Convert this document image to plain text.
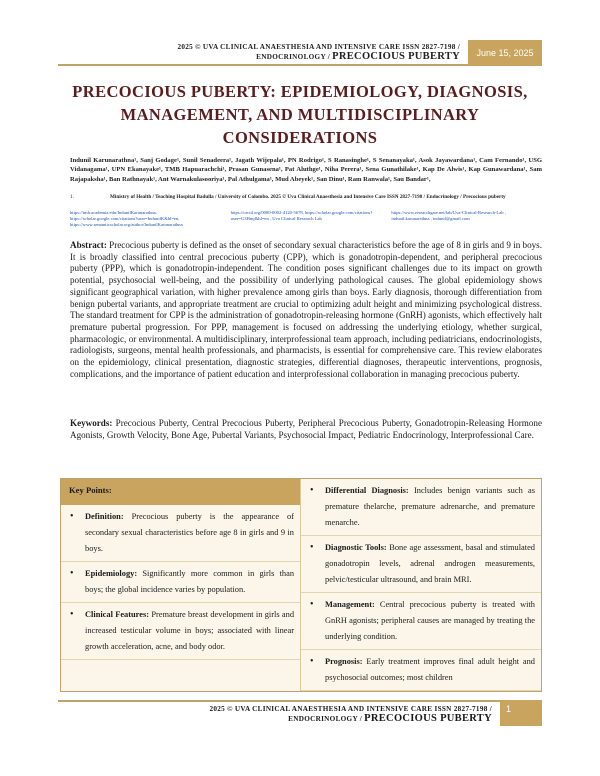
2025 © UVA CLINICAL ANAESTHESIA AND INTENSIVE CARE ISSN 2827-7198 /
ENDOCRINOLOGY / PRECOCIOUS PUBERTY	June 15, 2025
PRECOCIOUS PUBERTY: EPIDEMIOLOGY, DIAGNOSIS, MANAGEMENT, AND MULTIDISCIPLINARY CONSIDERATIONS
Indunil Karunarathna¹, Sanj Godage¹, Sunil Senadeera¹, Jagath Wijepala¹, PN Rodrigo¹, S Ranasinghe¹, S Senanayaka¹, Asok Jayawardana¹, Cam Fernando¹, USG Vidanagama¹, UPN Ekanayake¹, TMB Hapuarachchi¹, Prasan Gunasena¹, Pat Aluthge¹, Niha Perera¹, Sena Gunathilake¹, Kap De Alwis¹, Kap Gunawardana¹, Sam Rajapaksha¹, Ban Rathnayak¹, Ant Warnakulasooriya¹, Pal Athulgama¹, Mud Abeyek¹, San Dinu¹, Ram Ranwala¹, Sau Bandar¹,
1.	Ministry of Health / Teaching Hospital Badulla / University of Colombo. 2025 © Uva Clinical Anaesthesia and Intensive Care ISSN 2827-7198 / Endocrinology / Precocious puberty
https://tmh.academia.edu/IndunilKarunarathna, https://scholar.google.com/citations?user=IndunilK&hl=en, https://www.semanticscholar.org/author/IndunilKarunarathna
https://orcid.org/0000-0002-4120-5678, https://scholar.google.com/citations?user=G3Hmj&hl=en , Uva Clinical Research Lab
https://www.researchgate.net/lab/Uva-Clinical-Research-Lab , indunil.karunarathna , indunil@gmail.com
Abstract: Precocious puberty is defined as the onset of secondary sexual characteristics before the age of 8 in girls and 9 in boys. It is broadly classified into central precocious puberty (CPP), which is gonadotropin-dependent, and peripheral precocious puberty (PPP), which is gonadotropin-independent. The condition poses significant challenges due to its impact on growth potential, psychosocial well-being, and the possibility of underlying pathological causes. The global epidemiology shows significant geographical variation, with higher prevalence among girls than boys. Early diagnosis, thorough differentiation from benign pubertal variants, and appropriate treatment are crucial to optimizing adult height and minimizing psychological distress. The standard treatment for CPP is the administration of gonadotropin-releasing hormone (GnRH) agonists, which effectively halt premature pubertal progression. For PPP, management is focused on addressing the underlying etiology, whether surgical, pharmacologic, or environmental. A multidisciplinary, interprofessional team approach, including pediatricians, endocrinologists, radiologists, surgeons, mental health professionals, and pharmacists, is essential for comprehensive care. This review elaborates on the epidemiology, clinical presentation, diagnostic strategies, differential diagnoses, therapeutic interventions, prognosis, complications, and the importance of patient education and interprofessional collaboration in managing precocious puberty.
Keywords: Precocious Puberty, Central Precocious Puberty, Peripheral Precocious Puberty, Gonadotropin-Releasing Hormone Agonists, Growth Velocity, Bone Age, Pubertal Variants, Psychosocial Impact, Pediatric Endocrinology, Interprofessional Care.
Key Points:
• Definition: Precocious puberty is the appearance of secondary sexual characteristics before age 8 in girls and 9 in boys.
• Epidemiology: Significantly more common in girls than boys; the global incidence varies by population.
• Clinical Features: Premature breast development in girls and increased testicular volume in boys; associated with linear growth acceleration, acne, and body odor.
• Differential Diagnosis: Includes benign variants such as premature thelarche, premature adrenarche, and premature menarche.
• Diagnostic Tools: Bone age assessment, basal and stimulated gonadotropin levels, adrenal androgen measurements, pelvic/testicular ultrasound, and brain MRI.
• Management: Central precocious puberty is treated with GnRH agonists; peripheral causes are managed by treating the underlying condition.
• Prognosis: Early treatment improves final adult height and psychosocial outcomes; most children
2025 © UVA CLINICAL ANAESTHESIA AND INTENSIVE CARE ISSN 2827-7198 /
ENDOCRINOLOGY / PRECOCIOUS PUBERTY
1
